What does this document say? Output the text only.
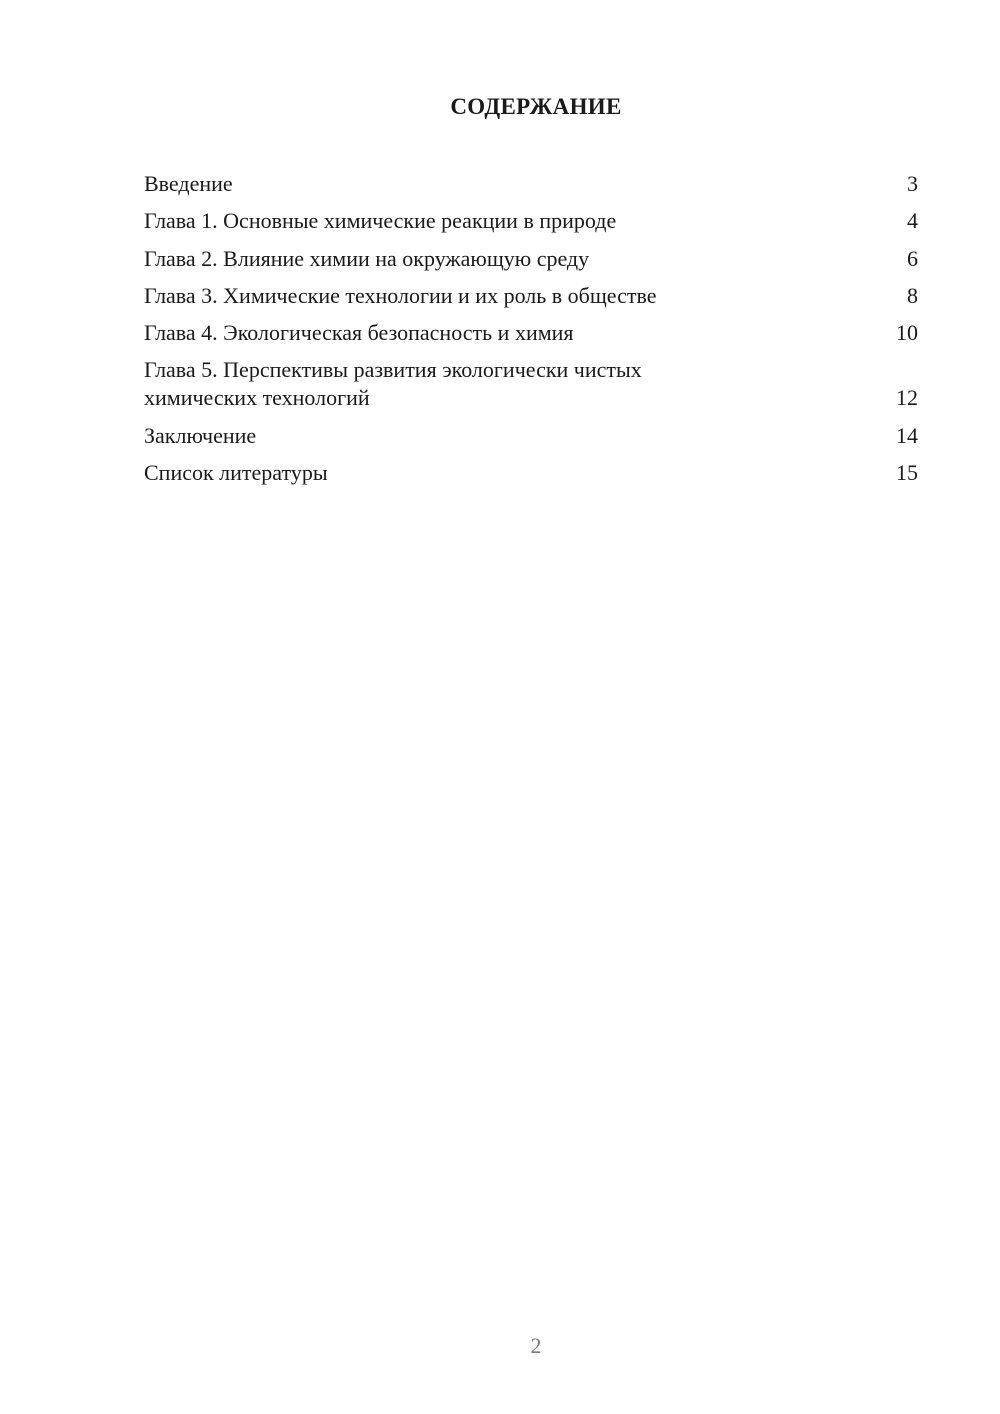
СОДЕРЖАНИЕ
Введение	3
Глава 1. Основные химические реакции в природе	4
Глава 2. Влияние химии на окружающую среду	6
Глава 3. Химические технологии и их роль в обществе	8
Глава 4. Экологическая безопасность и химия	10
Глава 5. Перспективы развития экологически чистых химических технологий	12
Заключение	14
Список литературы	15
2
